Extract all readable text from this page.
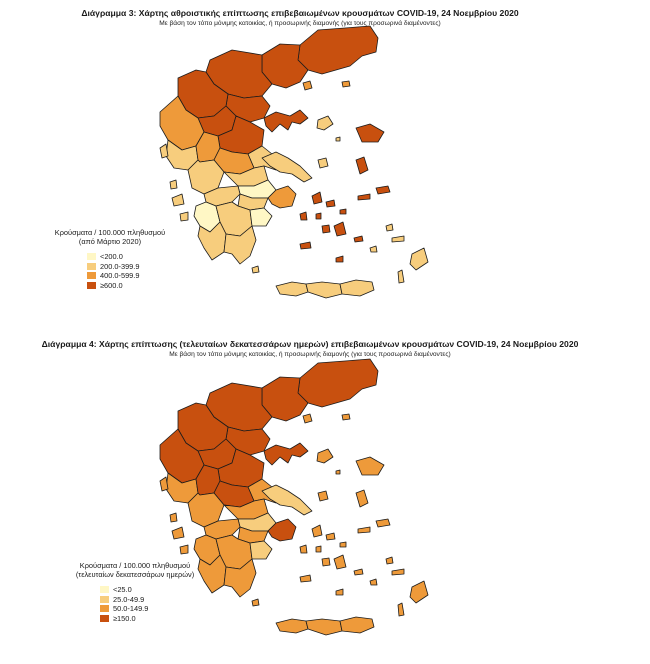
Διάγραμμα 3: Χάρτης αθροιστικής επίπτωσης επιβεβαιωμένων κρουσμάτων COVID-19, 24 Νοεμβρίου 2020
Με βάση τον τόπο μόνιμης κατοικίας, ή προσωρινής διαμονής (για τους προσωρινά διαμένοντες)
Κρούσματα / 100.000 πληθυσμού
(από Μάρτιο 2020)
<200.0
200.0-399.9
400.0-599.9
≥600.0
Διάγραμμα 4: Χάρτης επίπτωσης (τελευταίων δεκατεσσάρων ημερών) επιβεβαιωμένων κρουσμάτων COVID-19, 24 Νοεμβρίου 2020
Με βάση τον τόπο μόνιμης κατοικίας, ή προσωρινής διαμονής (για τους προσωρινά διαμένοντες)
Κρούσματα / 100.000 πληθυσμού
(τελευταίων δεκατεσσάρων ημερών)
<25.0
25.0-49.9
50.0-149.9
≥150.0
